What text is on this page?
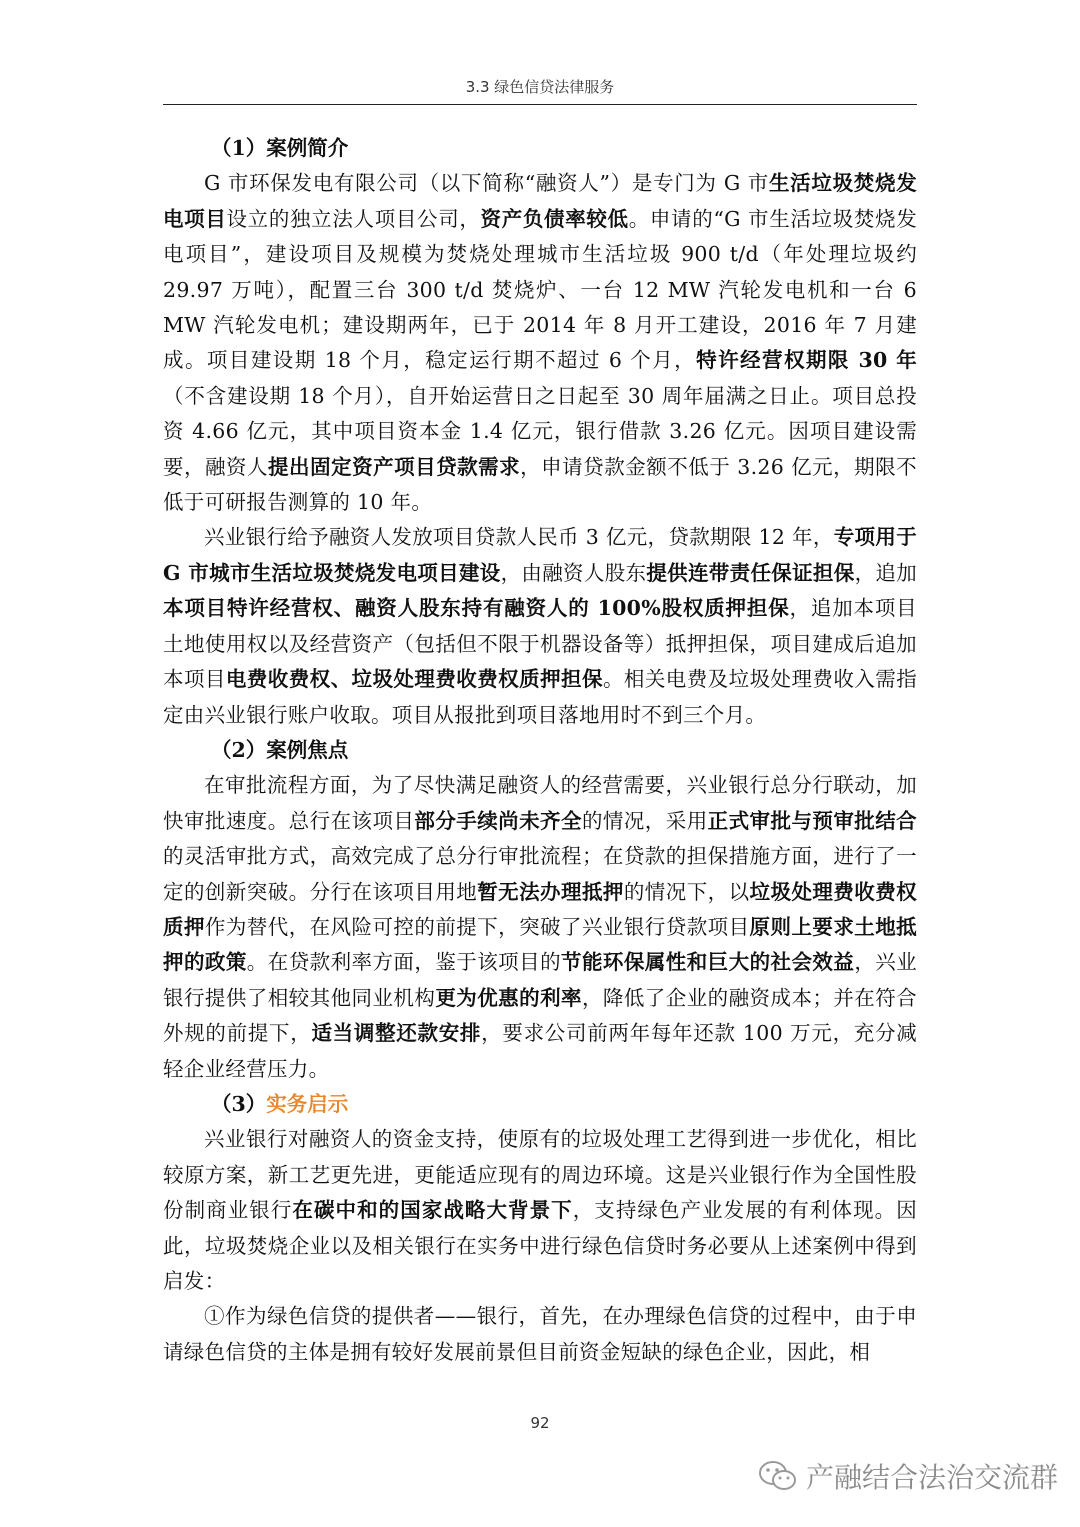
3.3 绿色信贷法律服务

（1）案例简介

G 市环保发电有限公司（以下简称“融资人”）是专门为 G 市生活垃圾焚烧发电项目设立的独立法人项目公司，资产负债率较低。申请的“G 市生活垃圾焚烧发电项目”，建设项目及规模为焚烧处理城市生活垃圾 900 t/d（年处理垃圾约 29.97 万吨），配置三台 300 t/d 焚烧炉、一台 12 MW 汽轮发电机和一台 6 MW 汽轮发电机；建设期两年，已于 2014 年 8 月开工建设，2016 年 7 月建成。项目建设期 18 个月，稳定运行期不超过 6 个月，特许经营权期限 30 年（不含建设期 18 个月），自开始运营日之日起至 30 周年届满之日止。项目总投资 4.66 亿元，其中项目资本金 1.4 亿元，银行借款 3.26 亿元。因项目建设需要，融资人提出固定资产项目贷款需求，申请贷款金额不低于 3.26 亿元，期限不低于可研报告测算的 10 年。

兴业银行给予融资人发放项目贷款人民币 3 亿元，贷款期限 12 年，专项用于 G 市城市生活垃圾焚烧发电项目建设，由融资人股东提供连带责任保证担保，追加本项目特许经营权、融资人股东持有融资人的 100%股权质押担保，追加本项目土地使用权以及经营资产（包括但不限于机器设备等）抵押担保，项目建成后追加本项目电费收费权、垃圾处理费收费权质押担保。相关电费及垃圾处理费收入需指定由兴业银行账户收取。项目从报批到项目落地用时不到三个月。

（2）案例焦点

在审批流程方面，为了尽快满足融资人的经营需要，兴业银行总分行联动，加快审批速度。总行在该项目部分手续尚未齐全的情况，采用正式审批与预审批结合的灵活审批方式，高效完成了总分行审批流程；在贷款的担保措施方面，进行了一定的创新突破。分行在该项目用地暂无法办理抵押的情况下，以垃圾处理费收费权质押作为替代，在风险可控的前提下，突破了兴业银行贷款项目原则上要求土地抵押的政策。在贷款利率方面，鉴于该项目的节能环保属性和巨大的社会效益，兴业银行提供了相较其他同业机构更为优惠的利率，降低了企业的融资成本；并在符合外规的前提下，适当调整还款安排，要求公司前两年每年还款 100 万元，充分减轻企业经营压力。

（3）实务启示

兴业银行对融资人的资金支持，使原有的垃圾处理工艺得到进一步优化，相比较原方案，新工艺更先进，更能适应现有的周边环境。这是兴业银行作为全国性股份制商业银行在碳中和的国家战略大背景下，支持绿色产业发展的有利体现。因此，垃圾焚烧企业以及相关银行在实务中进行绿色信贷时务必要从上述案例中得到启发：

①作为绿色信贷的提供者——银行，首先，在办理绿色信贷的过程中，由于申请绿色信贷的主体是拥有较好发展前景但目前资金短缺的绿色企业，因此，相

92
产融结合法治交流群
